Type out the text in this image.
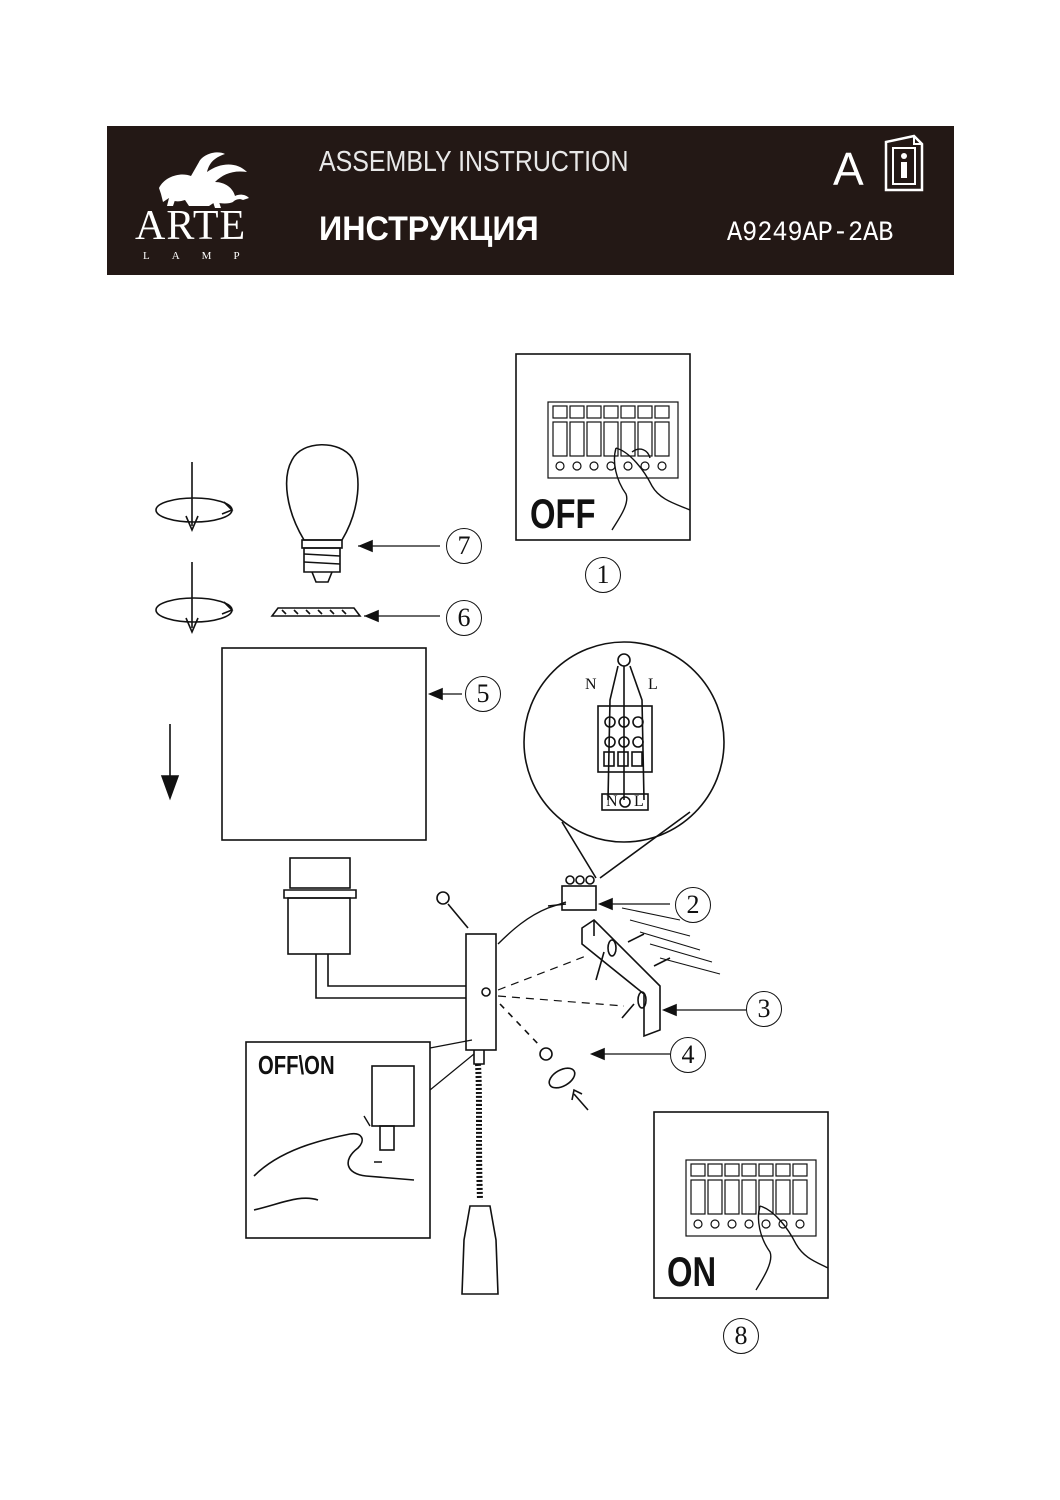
ARTE
LAMP
ASSEMBLY INSTRUCTION
ИНСТРУКЦИЯ
A
A9249AP-2AB
OFF
ON
OFF\ON
N	L
N L
1
2
3
4
5
6
7
8
